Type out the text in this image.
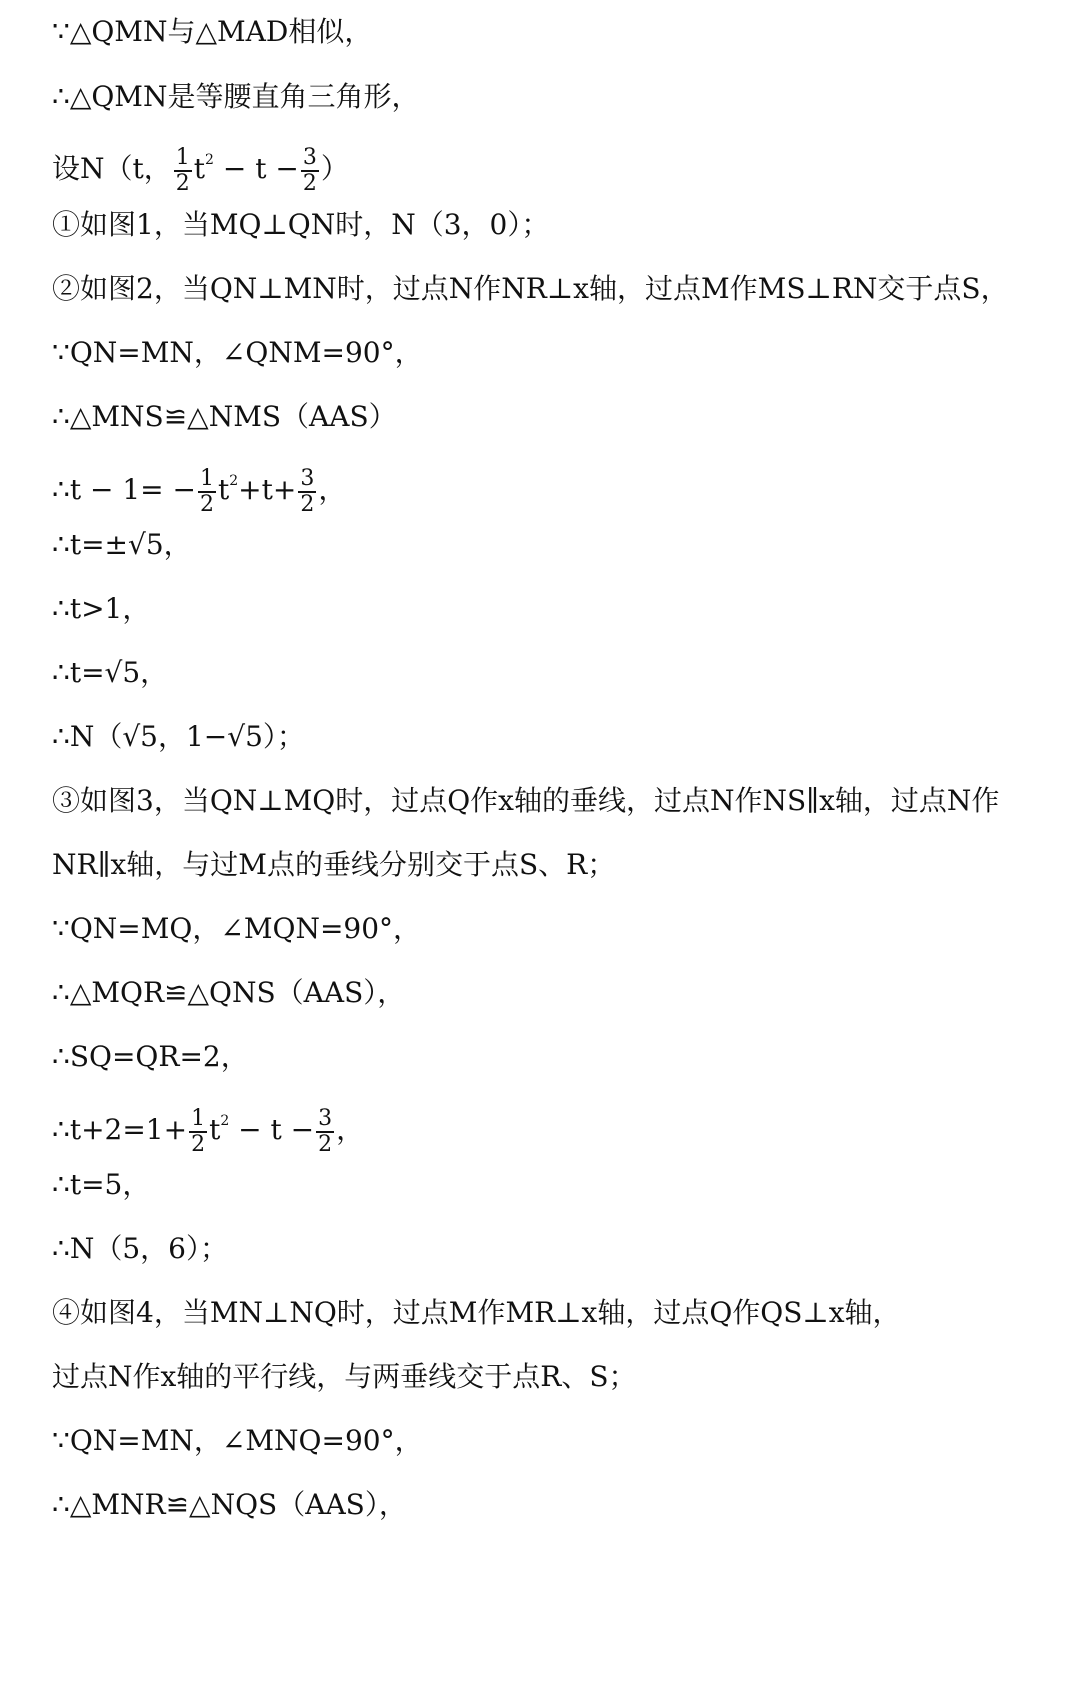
∵△QMN与△MAD相似，
∴△QMN是等腰直角三角形，
设N（t， $\frac{1}{2} t^2 - t - \frac{3}{2}$ ）
①如图1，当MQ⊥QN时，N（3，0）；
②如图2，当QN⊥MN时，过点N作NR⊥x轴，过点M作MS⊥RN交于点S，
∵QN=MN，∠QNM=90°，
∴△MNS≌△NMS（AAS）
∴t − $1= - \frac{1}{2} t^2+t+ \frac{3}{2}$ ，
∴t=±√5，
∴t>1，
∴t=√5，
∴N（√5，1−√5）；
③如图3，当QN⊥MQ时，过点Q作x轴的垂线，过点N作NS∥x轴，过点N作
NR∥x轴，与过M点的垂线分别交于点S、R；
∵QN=MQ，∠MQN=90°，
∴△MQR≌△QNS（AAS），
∴SQ=QR=2，
∴t+2=1+ $\frac{1}{2} t^2 - t - \frac{3}{2}$ ，
∴t=5，
∴N（5，6）；
④如图4，当MN⊥NQ时，过点M作MR⊥x轴，过点Q作QS⊥x轴，
过点N作x轴的平行线，与两垂线交于点R、S；
∵QN=MN，∠MNQ=90°，
∴△MNR≌△NQS（AAS），
